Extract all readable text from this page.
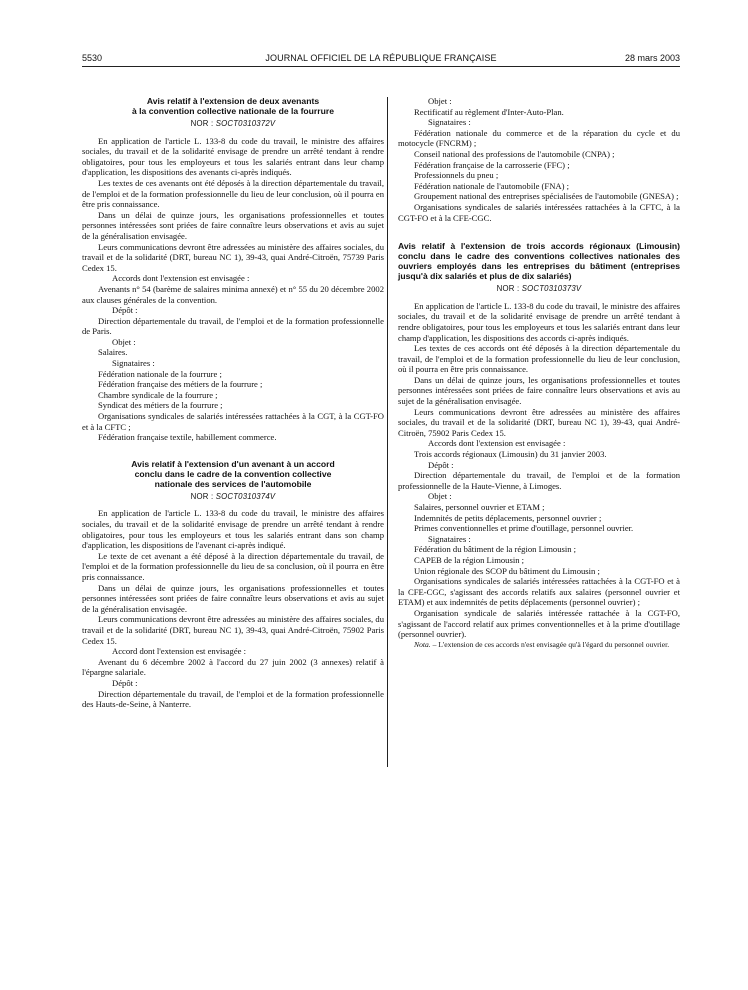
5530	JOURNAL OFFICIEL DE LA RÉPUBLIQUE FRANÇAISE	28 mars 2003

Avis relatif à l'extension de deux avenants
à la convention collective nationale de la fourrure

NOR : SOCT0310372V

En application de l'article L. 133-8 du code du travail, le ministre des affaires sociales, du travail et de la solidarité envisage de prendre un arrêté tendant à rendre obligatoires, pour tous les employeurs et tous les salariés entrant dans leur champ d'application, les dispositions des avenants ci-après indiqués.

Les textes de ces avenants ont été déposés à la direction départementale du travail, de l'emploi et de la formation professionnelle du lieu de leur conclusion, où il pourra en être pris connaissance.

Dans un délai de quinze jours, les organisations professionnelles et toutes personnes intéressées sont priées de faire connaître leurs observations et avis au sujet de la généralisation envisagée.

Leurs communications devront être adressées au ministère des affaires sociales, du travail et de la solidarité (DRT, bureau NC 1), 39-43, quai André-Citroën, 75739 Paris Cedex 15.

Accords dont l'extension est envisagée :

Avenants n° 54 (barème de salaires minima annexé) et n° 55 du 20 décembre 2002 aux clauses générales de la convention.

Dépôt :

Direction départementale du travail, de l'emploi et de la formation professionnelle de Paris.

Objet :

Salaires.

Signataires :

Fédération nationale de la fourrure ;

Fédération française des métiers de la fourrure ;

Chambre syndicale de la fourrure ;

Syndicat des métiers de la fourrure ;

Organisations syndicales de salariés intéressées rattachées à la CGT, à la CGT-FO et à la CFTC ;

Fédération française textile, habillement commerce.

Avis relatif à l'extension d'un avenant à un accord
conclu dans le cadre de la convention collective
nationale des services de l'automobile

NOR : SOCT0310374V

En application de l'article L. 133-8 du code du travail, le ministre des affaires sociales, du travail et de la solidarité envisage de prendre un arrêté tendant à rendre obligatoires, pour tous les employeurs et tous les salariés entrant dans son champ d'application, les dispositions de l'avenant ci-après indiqué.

Le texte de cet avenant a été déposé à la direction départementale du travail, de l'emploi et de la formation professionnelle du lieu de sa conclusion, où il pourra en être pris connaissance.

Dans un délai de quinze jours, les organisations professionnelles et toutes personnes intéressées sont priées de faire connaître leurs observations et avis au sujet de la généralisation envisagée.

Leurs communications devront être adressées au ministère des affaires sociales, du travail et de la solidarité (DRT, bureau NC 1), 39-43, quai André-Citroën, 75902 Paris Cedex 15.

Accord dont l'extension est envisagée :

Avenant du 6 décembre 2002 à l'accord du 27 juin 2002 (3 annexes) relatif à l'épargne salariale.

Dépôt :

Direction départementale du travail, de l'emploi et de la formation professionnelle des Hauts-de-Seine, à Nanterre.

Objet :

Rectificatif au règlement d'Inter-Auto-Plan.

Signataires :

Fédération nationale du commerce et de la réparation du cycle et du motocycle (FNCRM) ;

Conseil national des professions de l'automobile (CNPA) ;

Fédération française de la carrosserie (FFC) ;

Professionnels du pneu ;

Fédération nationale de l'automobile (FNA) ;

Groupement national des entreprises spécialisées de l'automobile (GNESA) ;

Organisations syndicales de salariés intéressées rattachées à la CFTC, à la CGT-FO et à la CFE-CGC.

Avis relatif à l'extension de trois accords régionaux (Limousin) conclu dans le cadre des conventions collectives nationales des ouvriers employés dans les entreprises du bâtiment (entreprises jusqu'à dix salariés et plus de dix salariés)

NOR : SOCT0310373V

En application de l'article L. 133-8 du code du travail, le ministre des affaires sociales, du travail et de la solidarité envisage de prendre un arrêté tendant à rendre obligatoires, pour tous les employeurs et tous les salariés entrant dans leur champ d'application, les dispositions des accords ci-après indiqués.

Les textes de ces accords ont été déposés à la direction départementale du travail, de l'emploi et de la formation professionnelle du lieu de leur conclusion, où il pourra en être pris connaissance.

Dans un délai de quinze jours, les organisations professionnelles et toutes personnes intéressées sont priées de faire connaître leurs observations et avis au sujet de la généralisation envisagée.

Leurs communications devront être adressées au ministère des affaires sociales, du travail et de la solidarité (DRT, bureau NC 1), 39-43, quai André-Citroën, 75902 Paris Cedex 15.

Accords dont l'extension est envisagée :

Trois accords régionaux (Limousin) du 31 janvier 2003.

Dépôt :

Direction départementale du travail, de l'emploi et de la formation professionnelle de la Haute-Vienne, à Limoges.

Objet :

Salaires, personnel ouvrier et ETAM ;

Indemnités de petits déplacements, personnel ouvrier ;

Primes conventionnelles et prime d'outillage, personnel ouvrier.

Signataires :

Fédération du bâtiment de la région Limousin ;

CAPEB de la région Limousin ;

Union régionale des SCOP du bâtiment du Limousin ;

Organisations syndicales de salariés intéressées rattachées à la CGT-FO et à la CFE-CGC, s'agissant des accords relatifs aux salaires (personnel ouvrier et ETAM) et aux indemnités de petits déplacements (personnel ouvrier) ;

Organisation syndicale de salariés intéressée rattachée à la CGT-FO, s'agissant de l'accord relatif aux primes conventionnelles et à la prime d'outillage (personnel ouvrier).

Nota. – L'extension de ces accords n'est envisagée qu'à l'égard du personnel ouvrier.
